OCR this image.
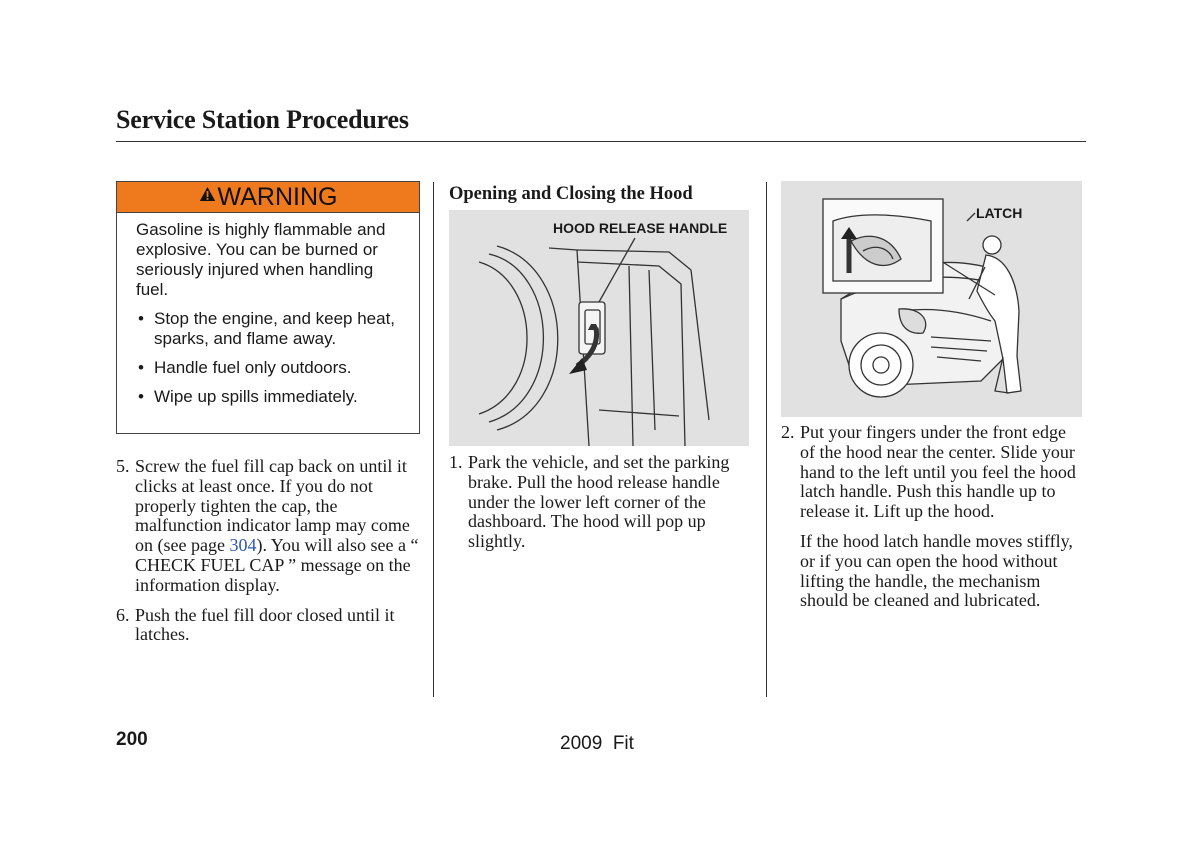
Service Station Procedures
WARNING

Gasoline is highly flammable and explosive. You can be burned or seriously injured when handling fuel.

• Stop the engine, and keep heat, sparks, and flame away.
• Handle fuel only outdoors.
• Wipe up spills immediately.
5. Screw the fuel fill cap back on until it clicks at least once. If you do not properly tighten the cap, the malfunction indicator lamp may come on (see page 304). You will also see a “ CHECK FUEL CAP ” message on the information display.
6. Push the fuel fill door closed until it latches.
Opening and Closing the Hood
HOOD RELEASE HANDLE
1. Park the vehicle, and set the parking brake. Pull the hood release handle under the lower left corner of the dashboard. The hood will pop up slightly.
LATCH
2. Put your fingers under the front edge of the hood near the center. Slide your hand to the left until you feel the hood latch handle. Push this handle up to release it. Lift up the hood.

If the hood latch handle moves stiffly, or if you can open the hood without lifting the handle, the mechanism should be cleaned and lubricated.

200	2009  Fit
